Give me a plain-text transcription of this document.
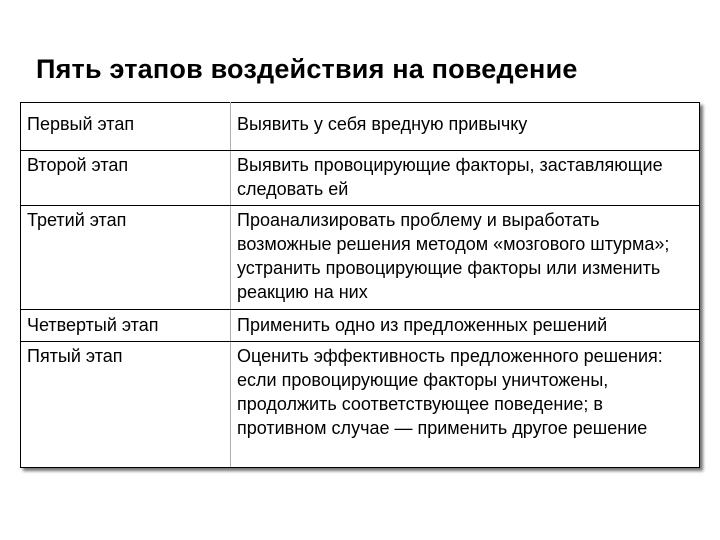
Пять этапов воздействия на поведение
Первый этап	Выявить у себя вредную привычку
Второй этап	Выявить провоцирующие факторы, заставляющие следовать ей
Третий этап	Проанализировать проблему и выработать возможные решения методом «мозгового штурма»; устранить провоцирующие факторы или изменить реакцию на них
Четвертый этап	Применить одно из предложенных решений
Пятый этап	Оценить эффективность предложенного решения: если провоцирующие факторы уничтожены, продолжить соответствующее поведение; в противном случае — применить другое решение
